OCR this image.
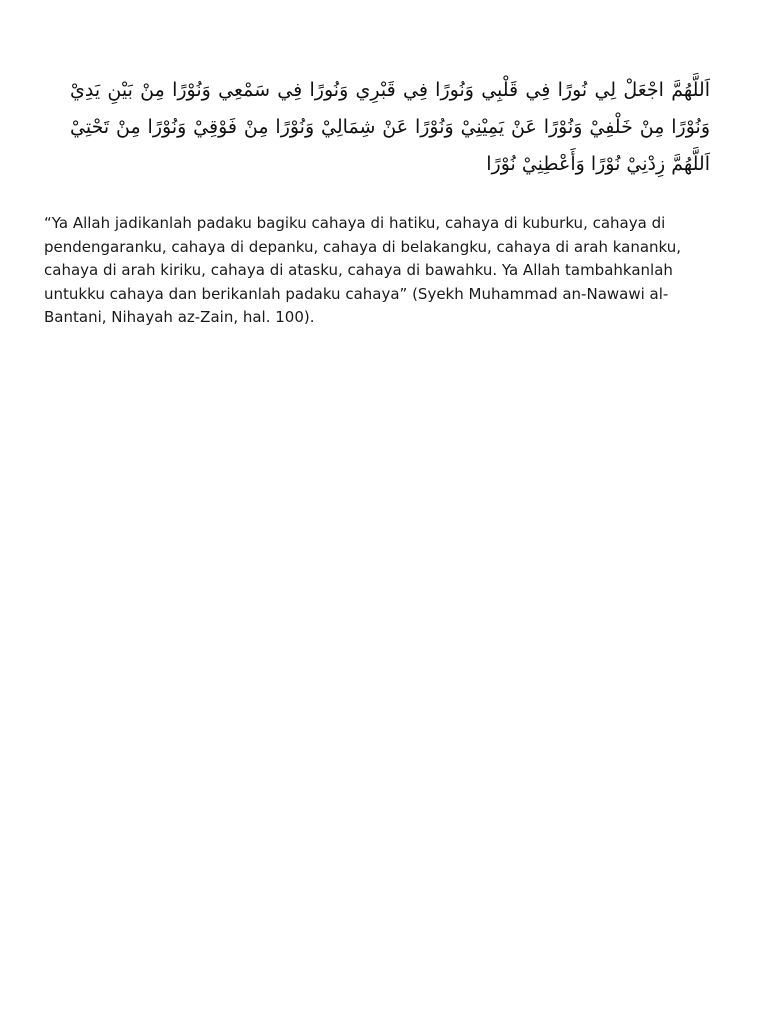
اَللَّهُمَّ اجْعَلْ لِي نُورًا فِي قَلْبِي وَنُورًا فِي قَبْرِي وَنُورًا فِي سَمْعِي وَنُوْرًا مِنْ بَيْنِ يَدِيْ وَنُوْرًا مِنْ خَلْفِيْ وَنُوْرًا عَنْ يَمِيْنِيْ وَنُوْرًا عَنْ شِمَالِيْ وَنُوْرًا مِنْ فَوْقِيْ وَنُوْرًا مِنْ تَحْتِيْ اَللَّهُمَّ زِدْنِيْ نُوْرًا وَأَعْطِنِيْ نُوْرًا

“Ya Allah jadikanlah padaku bagiku cahaya di hatiku, cahaya di kuburku, cahaya di pendengaranku, cahaya di depanku, cahaya di belakangku, cahaya di arah kananku, cahaya di arah kiriku, cahaya di atasku, cahaya di bawahku. Ya Allah tambahkanlah untukku cahaya dan berikanlah padaku cahaya” (Syekh Muhammad an-Nawawi al-Bantani, Nihayah az-Zain, hal. 100).
